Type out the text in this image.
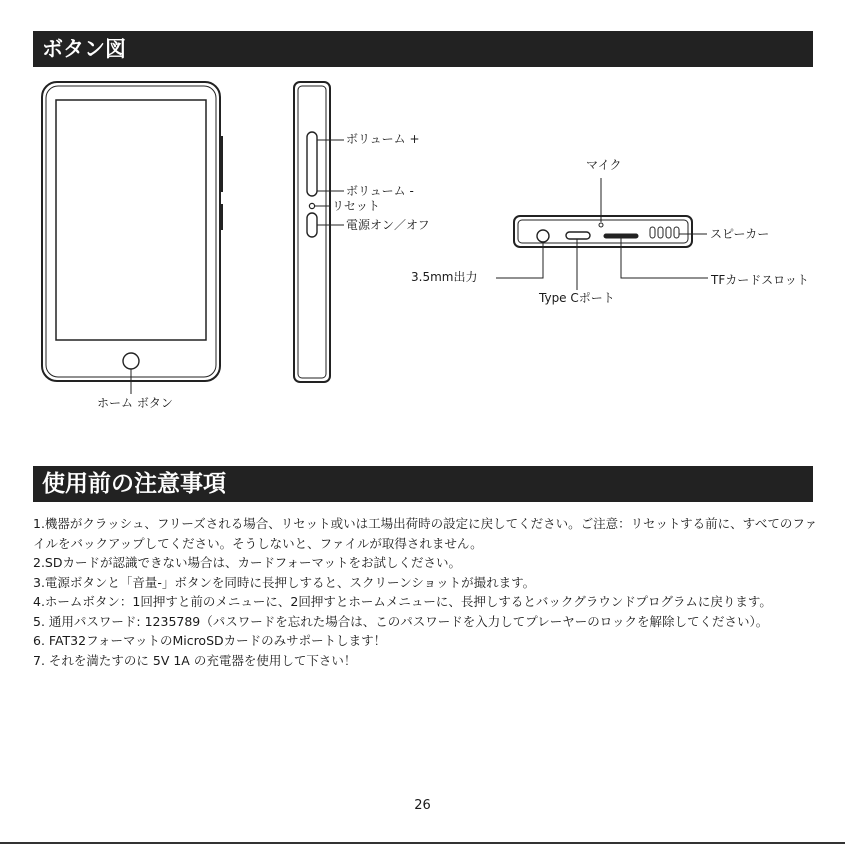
ボタン図
ボリューム +
ボリューム -
リセット
電源オン／オフ
マイク
スピーカー
3.5mm出力	TFカードスロット
Type Cポート
ホーム ボタン
使用前の注意事項
1.機器がクラッシュ、フリーズされる場合、リセット或いは工場出荷時の設定に戻してください。ご注意：リセットする前に、すべてのファイルをバックアップしてください。そうしないと、ファイルが取得されません。
2.SDカードが認識できない場合は、カードフォーマットをお試しください。
3.電源ボタンと「音量-」ボタンを同時に長押しすると、スクリーンショットが撮れます。
4.ホームボタン：1回押すと前のメニューに、2回押すとホームメニューに、長押しするとバックグラウンドプログラムに戻ります。
5. 通用パスワード: 1235789（パスワードを忘れた場合は、このパスワードを入力してプレーヤーのロックを解除してください）。
6. FAT32フォーマットのMicroSDカードのみサポートします！
7. それを満たすのに 5V 1A の充電器を使用して下さい！
26
